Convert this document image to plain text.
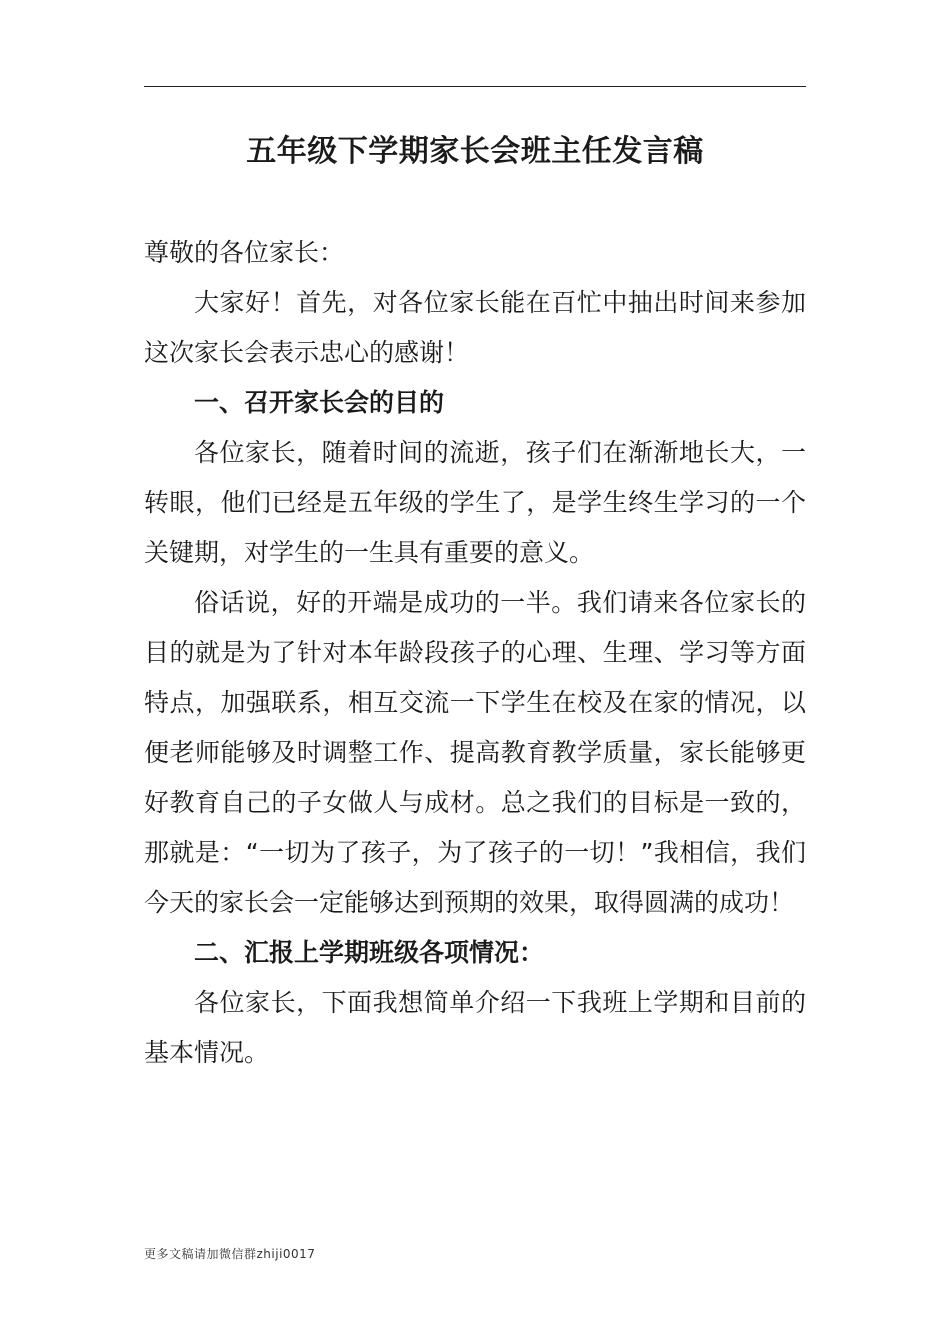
五年级下学期家长会班主任发言稿

尊敬的各位家长：

大家好！首先，对各位家长能在百忙中抽出时间来参加这次家长会表示忠心的感谢！

一、召开家长会的目的

各位家长，随着时间的流逝，孩子们在渐渐地长大，一转眼，他们已经是五年级的学生了，是学生终生学习的一个关键期，对学生的一生具有重要的意义。

俗话说，好的开端是成功的一半。我们请来各位家长的目的就是为了针对本年龄段孩子的心理、生理、学习等方面特点，加强联系，相互交流一下学生在校及在家的情况，以便老师能够及时调整工作、提高教育教学质量，家长能够更好教育自己的子女做人与成材。总之我们的目标是一致的，那就是：“一切为了孩子，为了孩子的一切！”我相信，我们今天的家长会一定能够达到预期的效果，取得圆满的成功！

二、汇报上学期班级各项情况：

各位家长，下面我想简单介绍一下我班上学期和目前的基本情况。

更多文稿请加微信群zhiji0017
